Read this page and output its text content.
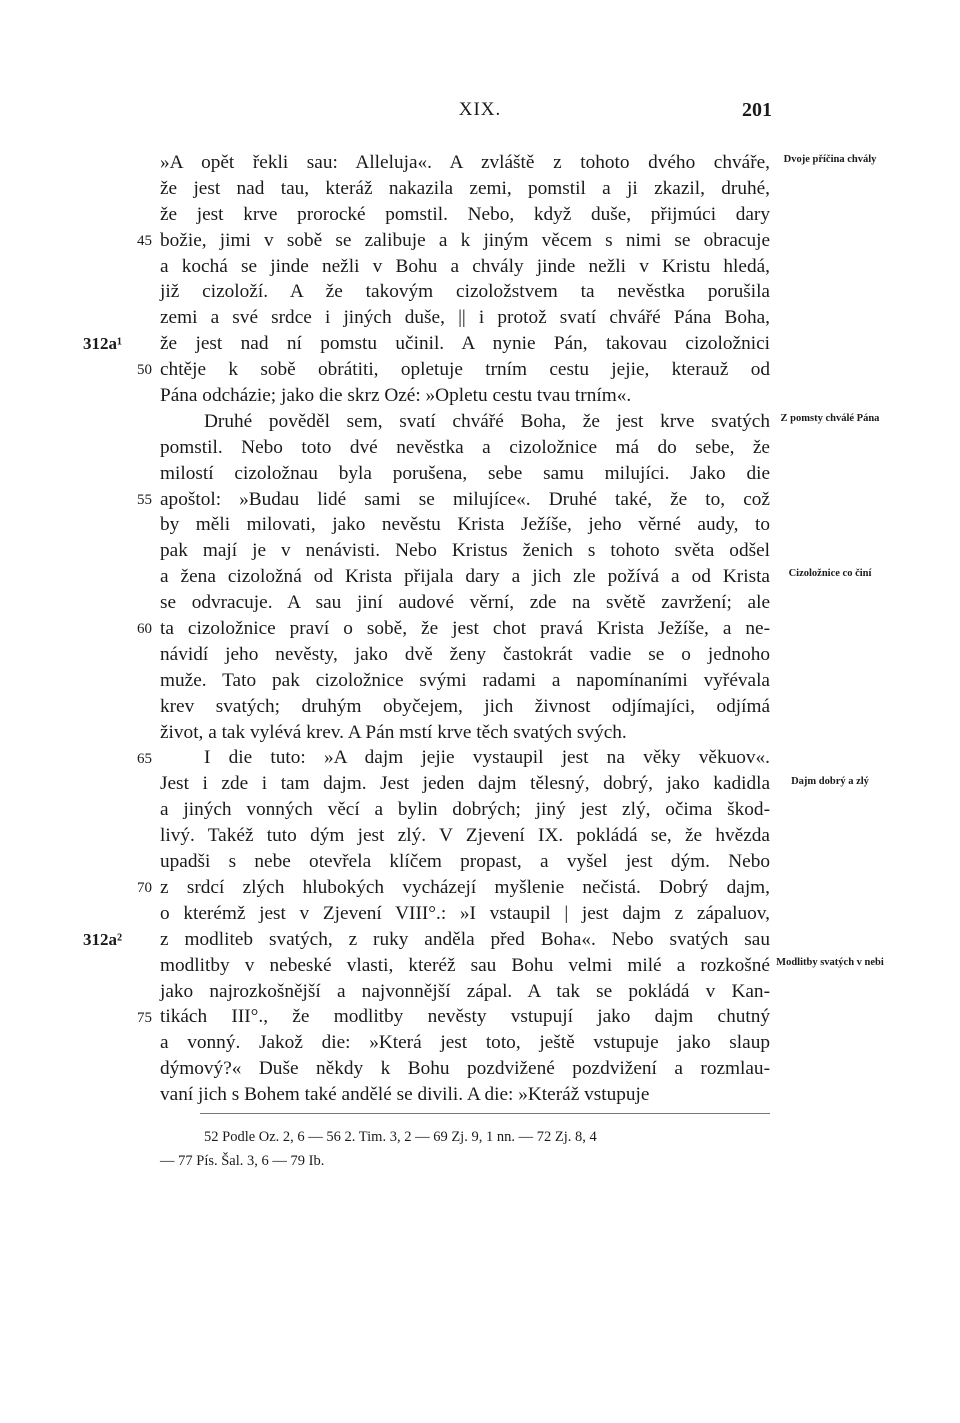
XIX.	201
»A opět řekli sau: Alleluja«. A zvláště z tohoto dvého chváře,
že jest nad tau, kteráž nakazila zemi, pomstil a ji zkazil, druhé,
že jest krve prorocké pomstil. Nebo, když duše, přijmúci dary
božie, jimi v sobě se zalibuje a k jiným věcem s nimi se obracuje
a kochá se jinde nežli v Bohu a chvály jinde nežli v Kristu hledá,
již cizoloží. A že takovým cizoložstvem ta nevěstka porušila
zemi a své srdce i jiných duše, || i protož svatí chvářé Pána Boha,
že jest nad ní pomstu učinil. A nynie Pán, takovau cizoložnici
chtěje k sobě obrátiti, opletuje trním cestu jejie, kterauž od
Pána odcházie; jako die skrz Ozé: »Opletu cestu tvau trním«.
Druhé pověděl sem, svatí chvářé Boha, že jest krve svatých
pomstil. Nebo toto dvé nevěstka a cizoložnice má do sebe, že
milostí cizoložnau byla porušena, sebe samu milujíci. Jako die
apoštol: »Budau lidé sami se milujíce«. Druhé také, že to, což
by měli milovati, jako nevěstu Krista Ježíše, jeho věrné audy, to
pak mají je v nenávisti. Nebo Kristus ženich s tohoto světa odšel
a žena cizoložná od Krista přijala dary a jich zle požívá a od Krista
se odvracuje. A sau jiní audové věrní, zde na světě zavržení; ale
ta cizoložnice praví o sobě, že jest chot pravá Krista Ježíše, a ne-
návidí jeho nevěsty, jako dvě ženy častokrát vadie se o jednoho
muže. Tato pak cizoložnice svými radami a napomínaními vyřévala
krev svatých; druhým obyčejem, jich živnost odjímajíci, odjímá
život, a tak vylévá krev. A Pán mstí krve těch svatých svých.
I die tuto: »A dajm jejie vystaupil jest na věky věkuov«.
Jest i zde i tam dajm. Jest jeden dajm tělesný, dobrý, jako kadidla
a jiných vonných věcí a bylin dobrých; jiný jest zlý, očima škod-
livý. Takéž tuto dým jest zlý. V Zjevení IX. pokládá se, že hvězda
upadši s nebe otevřela klíčem propast, a vyšel jest dým. Nebo
z srdcí zlých hlubokých vycházejí myšlenie nečistá. Dobrý dajm,
o kterémž jest v Zjevení VIII°.: »I vstaupil | jest dajm z zápaluov,
z modliteb svatých, z ruky anděla před Boha«. Nebo svatých sau
modlitby v nebeské vlasti, kteréž sau Bohu velmi milé a rozkošné
jako najrozkošnější a najvonnější zápal. A tak se pokládá v Kan-
tikách III°., že modlitby nevěsty vstupují jako dajm chutný
a vonný. Jakož die: »Která jest toto, ještě vstupuje jako slaup
dýmový?« Duše někdy k Bohu pozdvižené pozdvižení a rozmlau-
vaní jich s Bohem také andělé se divili. A die: »Kteráž vstupuje
45
50
55
60
65
70
75
312a¹
312a²
Dvoje příčina chvály
Z pomsty chválé Pána
Cizoložnice co činí
Dajm dobrý a zlý
Modlitby svatých v nebi
52 Podle Oz. 2, 6 — 56 2. Tim. 3, 2 — 69 Zj. 9, 1 nn. — 72 Zj. 8, 4
— 77 Pís. Šal. 3, 6 — 79 Ib.
